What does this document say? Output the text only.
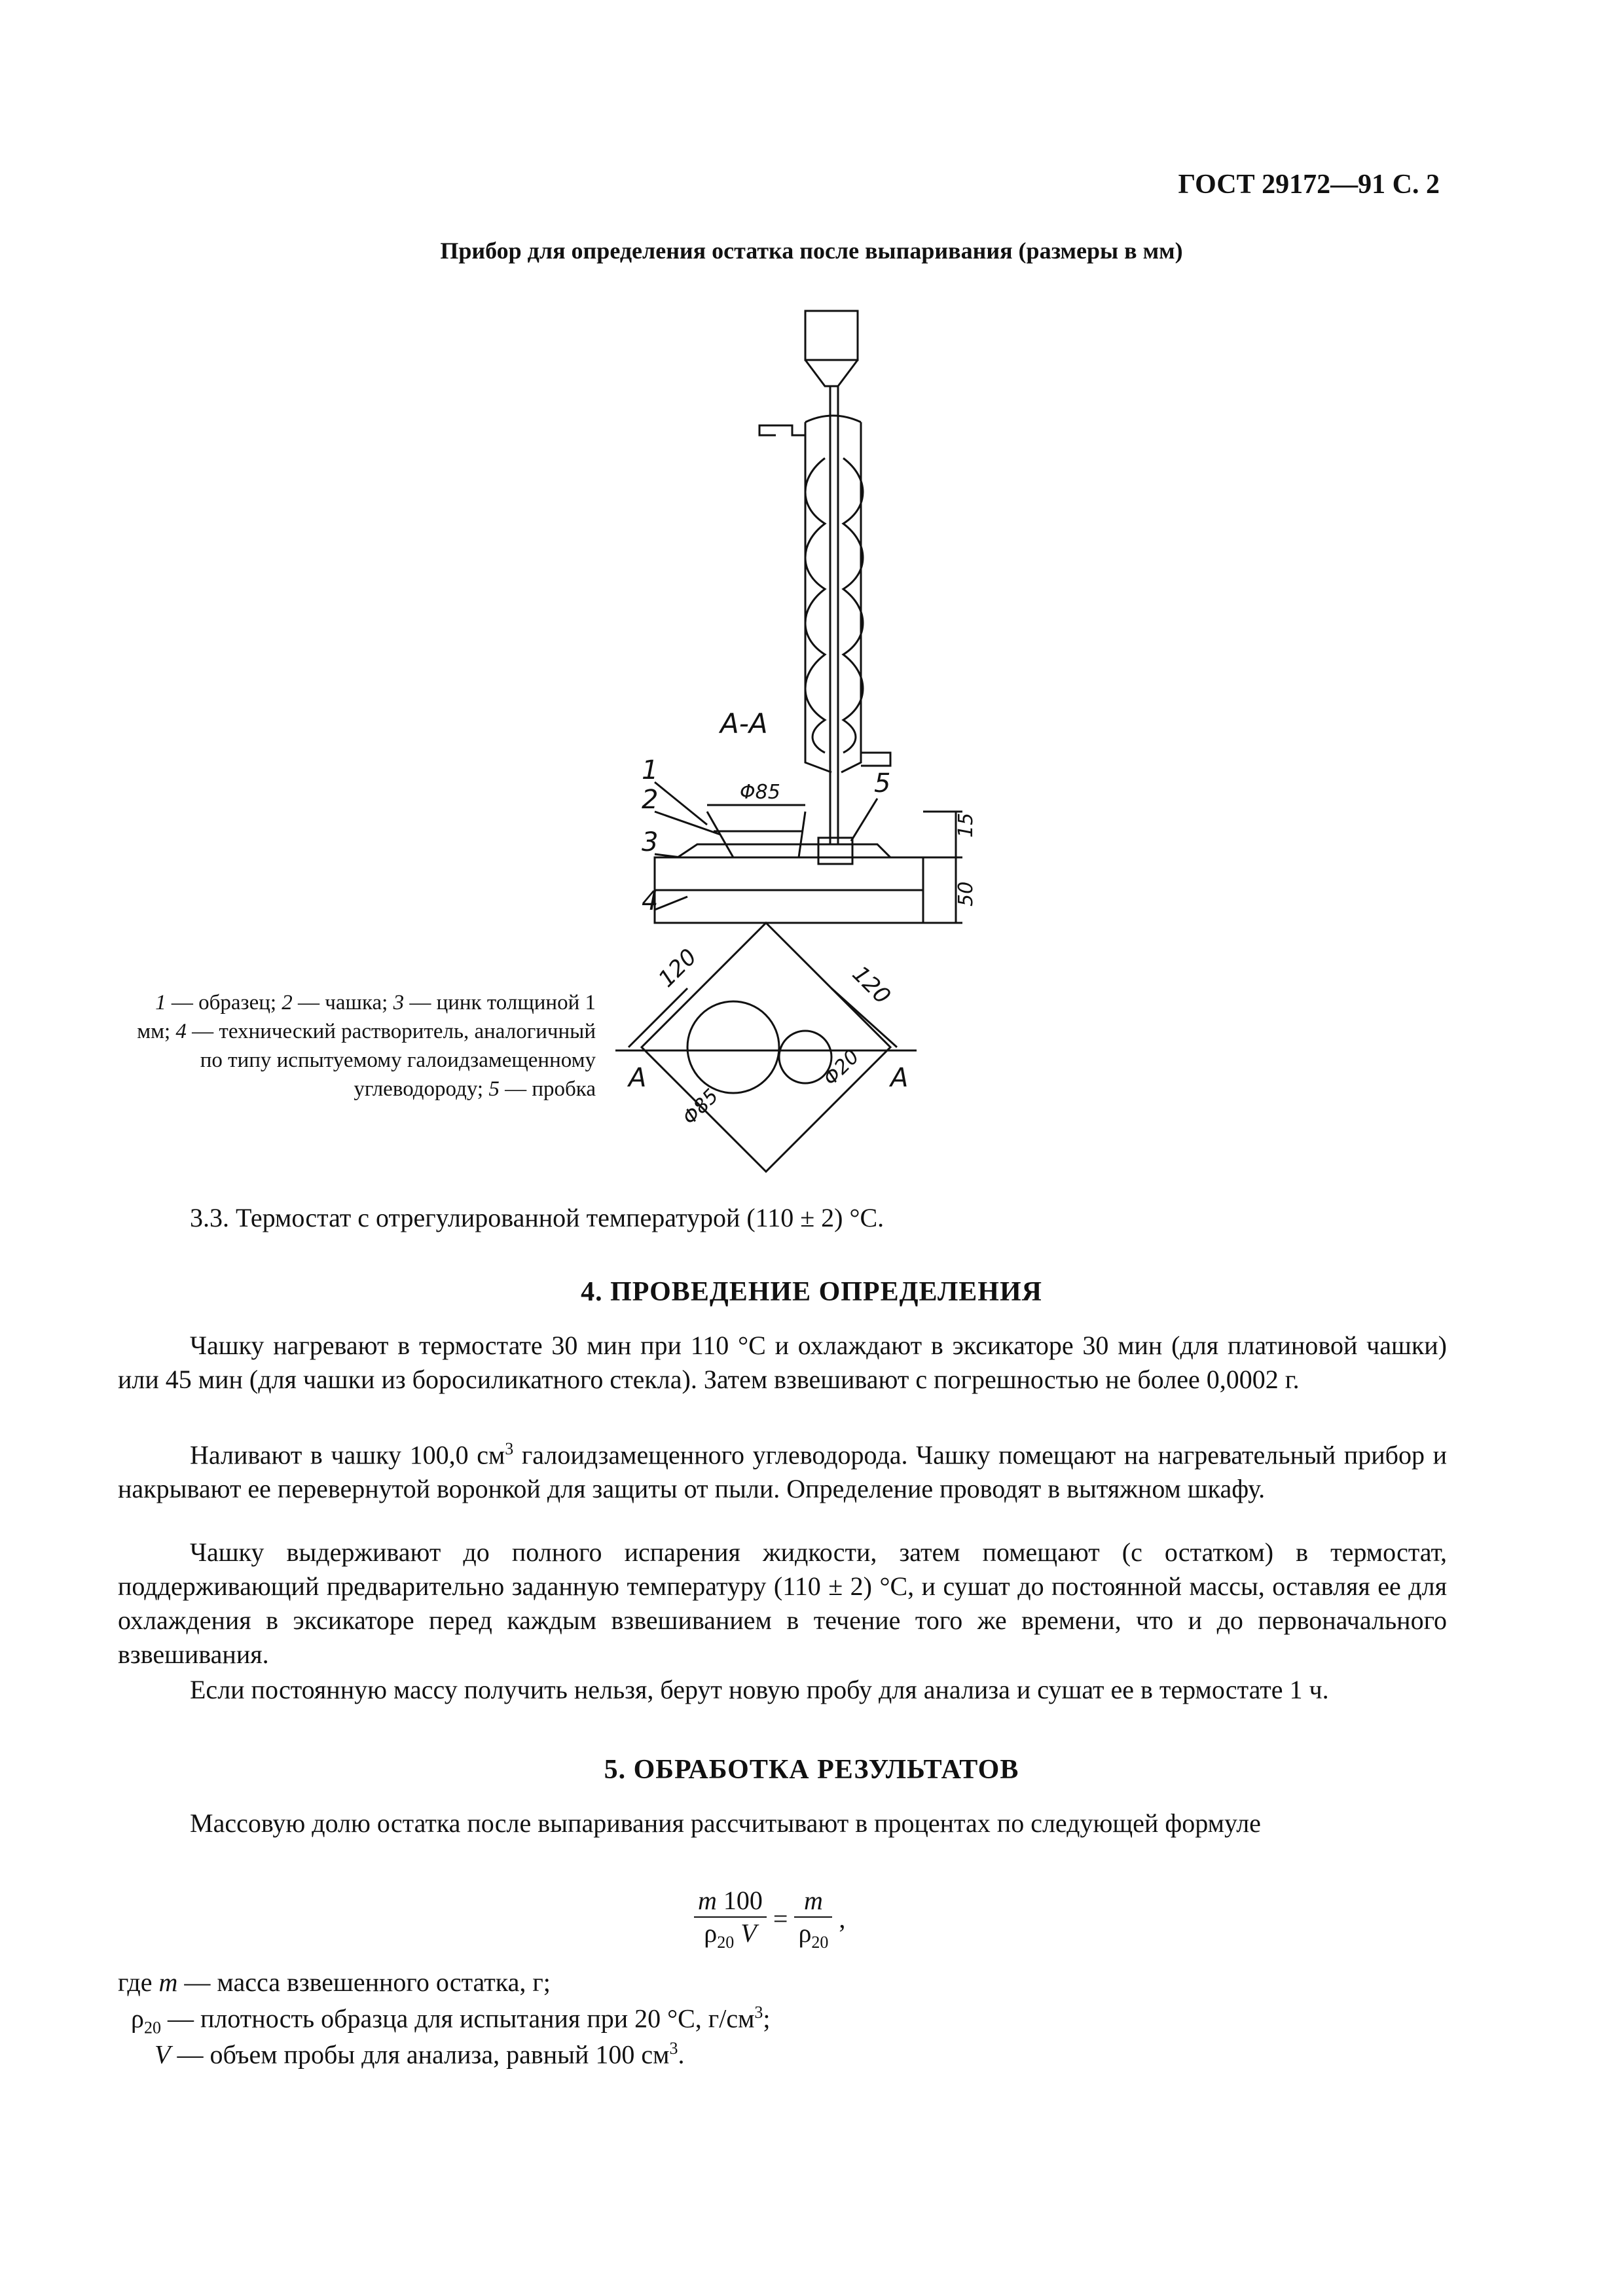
ГОСТ 29172—91 С. 2
Прибор для определения остатка после выпаривания (размеры в мм)
А-А
1
2
3
4
5
Φ85
15
50
120	120
Φ20
Φ85
А	А
1 — образец; 2 — чашка; 3 — цинк толщиной 1 мм; 4 — технический растворитель, аналогичный по типу испытуемому галоидзамещенному углеводороду; 5 — пробка
3.3. Термостат с отрегулированной температурой (110 ± 2) °С.
4. ПРОВЕДЕНИЕ ОПРЕДЕЛЕНИЯ
Чашку нагревают в термостате 30 мин при 110 °С и охлаждают в эксикаторе 30 мин (для платиновой чашки) или 45 мин (для чашки из боросиликатного стекла). Затем взвешивают с погрешностью не более 0,0002 г.
Наливают в чашку 100,0 $см^3$ галоидзамещенного углеводорода. Чашку помещают на нагревательный прибор и накрывают ее перевернутой воронкой для защиты от пыли. Определение проводят в вытяжном шкафу.
Чашку выдерживают до полного испарения жидкости, затем помещают (с остатком) в термостат, поддерживающий предварительно заданную температуру (110 ± 2) °С, и сушат до постоянной массы, оставляя ее для охлаждения в эксикаторе перед каждым взвешиванием в течение того же времени, что и до первоначального взвешивания.
Если постоянную массу получить нельзя, берут новую пробу для анализа и сушат ее в термостате 1 ч.
5. ОБРАБОТКА РЕЗУЛЬТАТОВ
Массовую долю остатка после выпаривания рассчитывают в процентах по следующей формуле
$\frac{m 100}{\rho_{20} V} = \frac{m}{\rho_{20}}$ ,
где m — масса взвешенного остатка, г;
$\rho_{20}$ — плотность образца для испытания при 20 °С, $г/см^3$;
V — объем пробы для анализа, равный 100 $см^3$.
